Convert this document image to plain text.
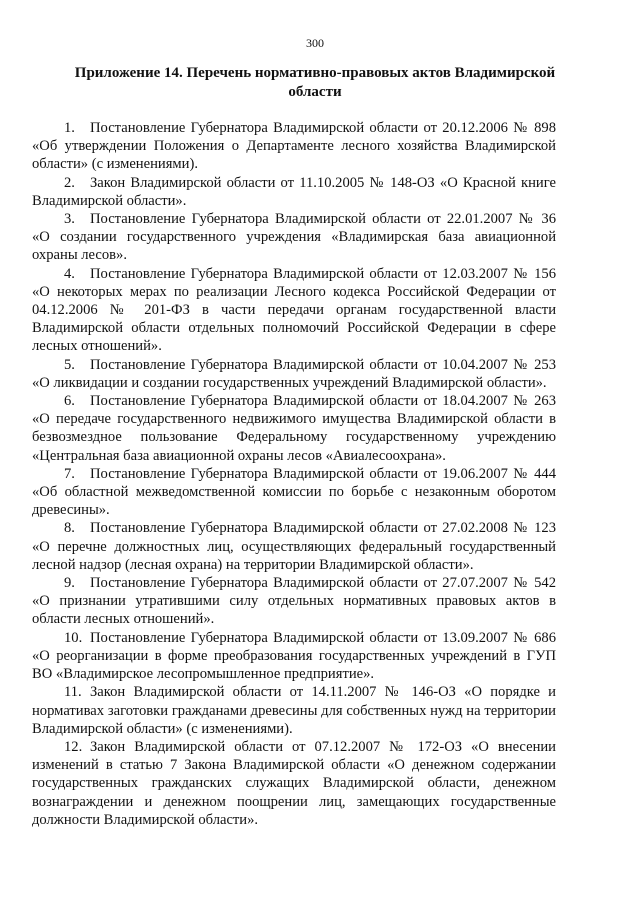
300
Приложение 14. Перечень нормативно-правовых актов Владимирской области

1. Постановление Губернатора Владимирской области от 20.12.2006 № 898 «Об утверждении Положения о Департаменте лесного хозяйства Владимирской области» (с изменениями).

2. Закон Владимирской области от 11.10.2005 № 148-ОЗ «О Красной книге Владимирской области».

3. Постановление Губернатора Владимирской области от 22.01.2007 № 36 «О создании государственного учреждения «Владимирская база авиационной охраны лесов».

4. Постановление Губернатора Владимирской области от 12.03.2007 № 156 «О некоторых мерах по реализации Лесного кодекса Российской Федерации от 04.12.2006 № 201-ФЗ в части передачи органам государственной власти Владимирской области отдельных полномочий Российской Федерации в сфере лесных отношений».

5. Постановление Губернатора Владимирской области от 10.04.2007 № 253 «О ликвидации и создании государственных учреждений Владимирской области».

6. Постановление Губернатора Владимирской области от 18.04.2007 № 263 «О передаче государственного недвижимого имущества Владимирской области в безвозмездное пользование Федеральному государственному учреждению «Центральная база авиационной охраны лесов «Авиалесоохрана».

7. Постановление Губернатора Владимирской области от 19.06.2007 № 444 «Об областной межведомственной комиссии по борьбе с незаконным оборотом древесины».

8. Постановление Губернатора Владимирской области от 27.02.2008 № 123 «О перечне должностных лиц, осуществляющих федеральный государственный лесной надзор (лесная охрана) на территории Владимирской области».

9. Постановление Губернатора Владимирской области от 27.07.2007 № 542 «О признании утратившими силу отдельных нормативных правовых актов в области лесных отношений».

10. Постановление Губернатора Владимирской области от 13.09.2007 № 686 «О реорганизации в форме преобразования государственных учреждений в ГУП ВО «Владимирское лесопромышленное предприятие».

11. Закон Владимирской области от 14.11.2007 № 146-ОЗ «О порядке и нормативах заготовки гражданами древесины для собственных нужд на территории Владимирской области» (с изменениями).

12. Закон Владимирской области от 07.12.2007 № 172-ОЗ «О внесении изменений в статью 7 Закона Владимирской области «О денежном содержании государственных гражданских служащих Владимирской области, денежном вознаграждении и денежном поощрении лиц, замещающих государственные должности Владимирской области».
